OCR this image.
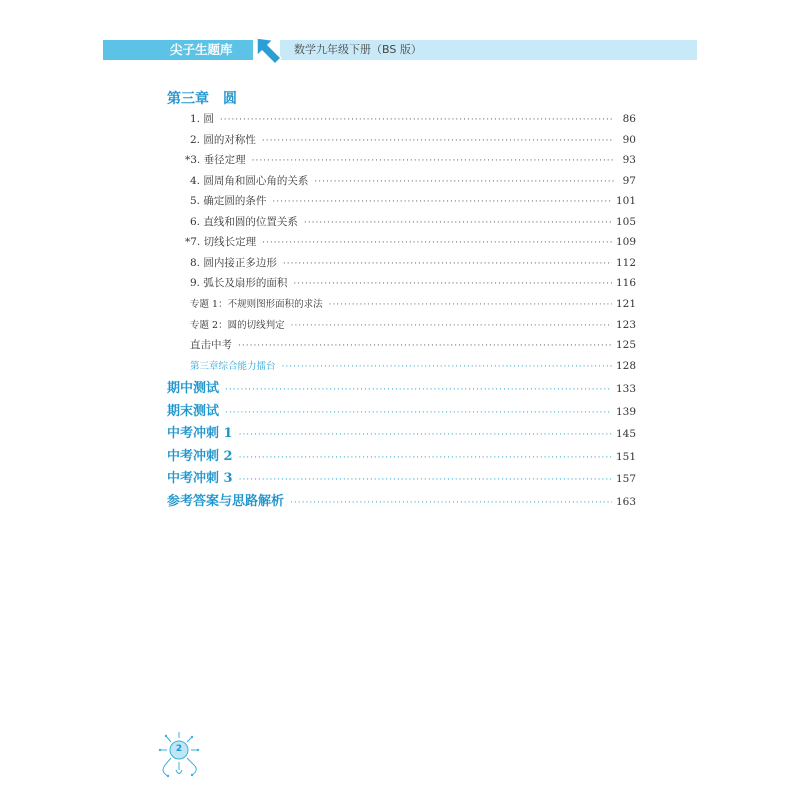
尖子生题库	数学九年级下册（BS 版）
第三章　圆
1. 圆 ·····	86
2. 圆的对称性 ·····	90
*3. 垂径定理 ·····	93
4. 圆周角和圆心角的关系 ·····	97
5. 确定圆的条件 ·····	101
6. 直线和圆的位置关系 ·····	105
*7. 切线长定理 ·····	109
8. 圆内接正多边形 ·····	112
9. 弧长及扇形的面积 ·····	116
专题 1：不规则图形面积的求法 ·····	121
专题 2：圆的切线判定 ·····	123
直击中考 ·····	125
第三章综合能力擂台 ·····	128
期中测试 ·····	133
期末测试 ·····	139
中考冲刺 1 ·····	145
中考冲刺 2 ·····	151
中考冲刺 3 ·····	157
参考答案与思路解析 ·····	163
2
